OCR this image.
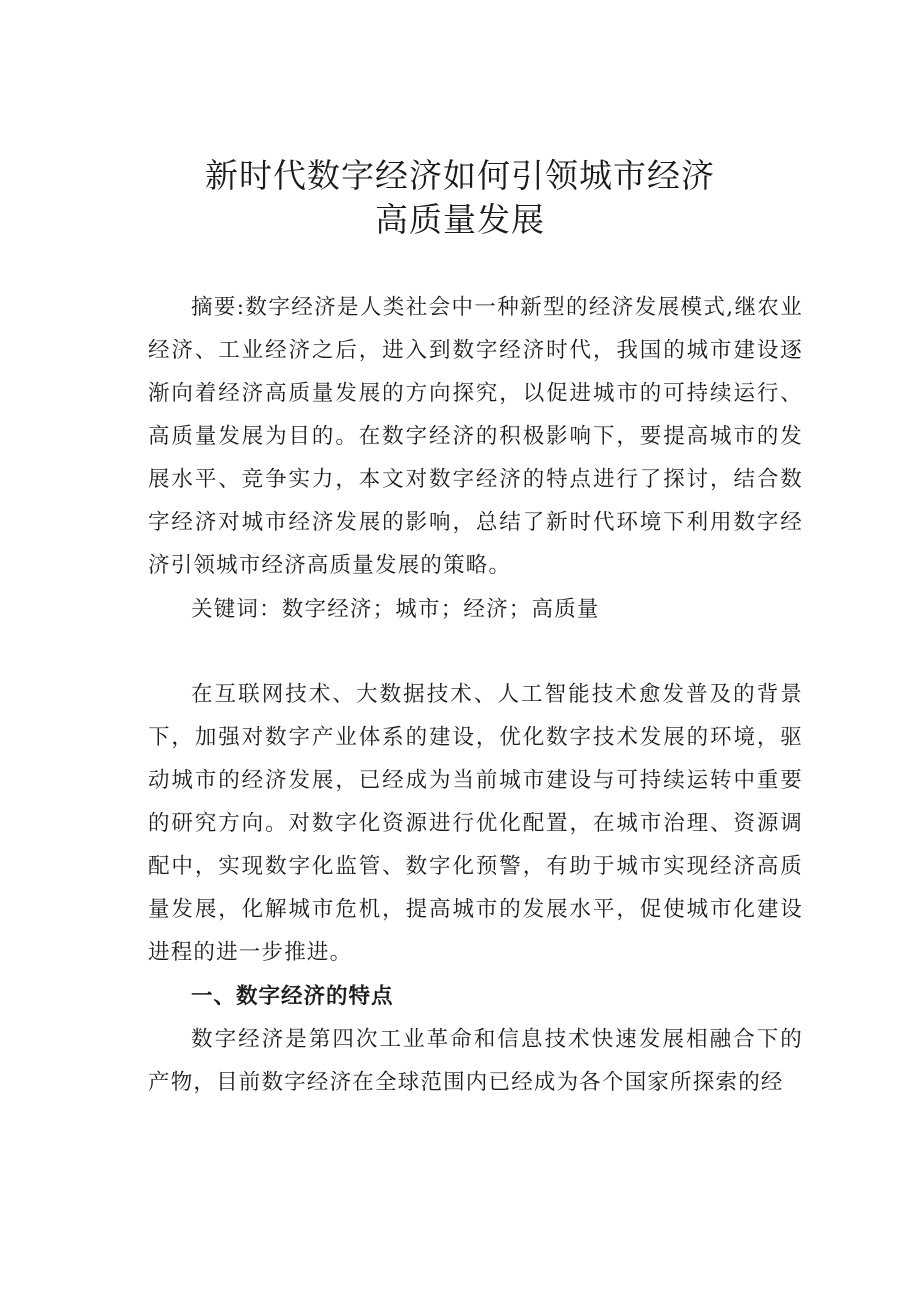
新时代数字经济如何引领城市经济
高质量发展

摘要:数字经济是人类社会中一种新型的经济发展模式,继农业经济、工业经济之后，进入到数字经济时代，我国的城市建设逐渐向着经济高质量发展的方向探究，以促进城市的可持续运行、高质量发展为目的。在数字经济的积极影响下，要提高城市的发展水平、竞争实力，本文对数字经济的特点进行了探讨，结合数字经济对城市经济发展的影响，总结了新时代环境下利用数字经济引领城市经济高质量发展的策略。

关键词：数字经济；城市；经济；高质量

在互联网技术、大数据技术、人工智能技术愈发普及的背景下，加强对数字产业体系的建设，优化数字技术发展的环境，驱动城市的经济发展，已经成为当前城市建设与可持续运转中重要的研究方向。对数字化资源进行优化配置，在城市治理、资源调配中，实现数字化监管、数字化预警，有助于城市实现经济高质量发展，化解城市危机，提高城市的发展水平，促使城市化建设进程的进一步推进。

一、数字经济的特点

数字经济是第四次工业革命和信息技术快速发展相融合下的产物，目前数字经济在全球范围内已经成为各个国家所探索的经
